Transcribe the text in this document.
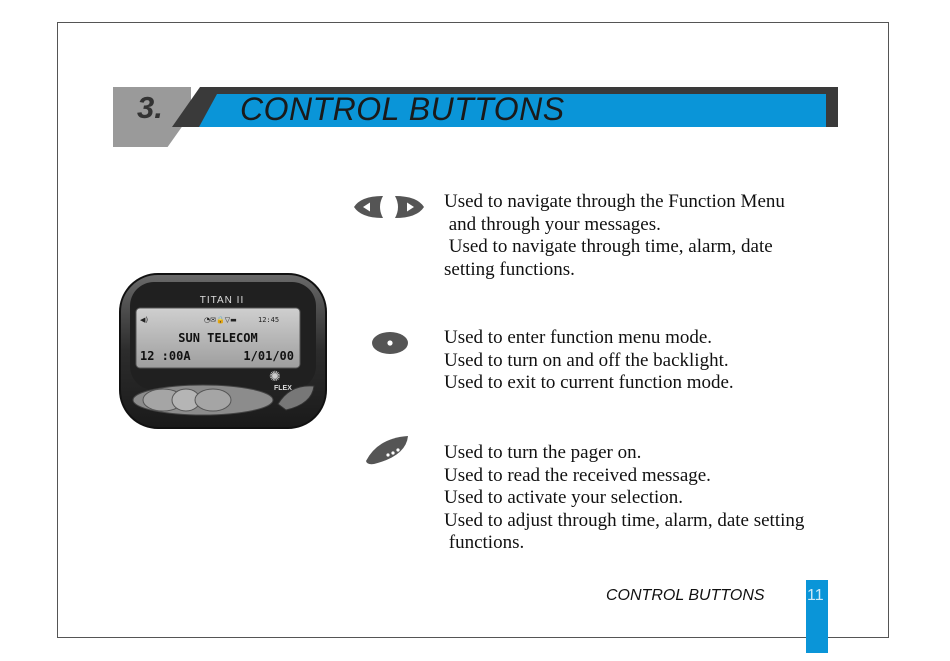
3. CONTROL BUTTONS
TITAN II
◀)	◔✉🔒▽▬	12:45
SUN TELECOM
12 :00A	1/01/00
FLEX
✺
Used to navigate through the Function Menu
and through your messages.
Used to navigate through time, alarm, date
setting functions.
Used to enter function menu mode.
Used to turn on and off the backlight.
Used to exit to current function mode.
Used to turn the pager on.
Used to read the received message.
Used to activate your selection.
Used to adjust through time, alarm, date setting
functions.
CONTROL BUTTONS	11
